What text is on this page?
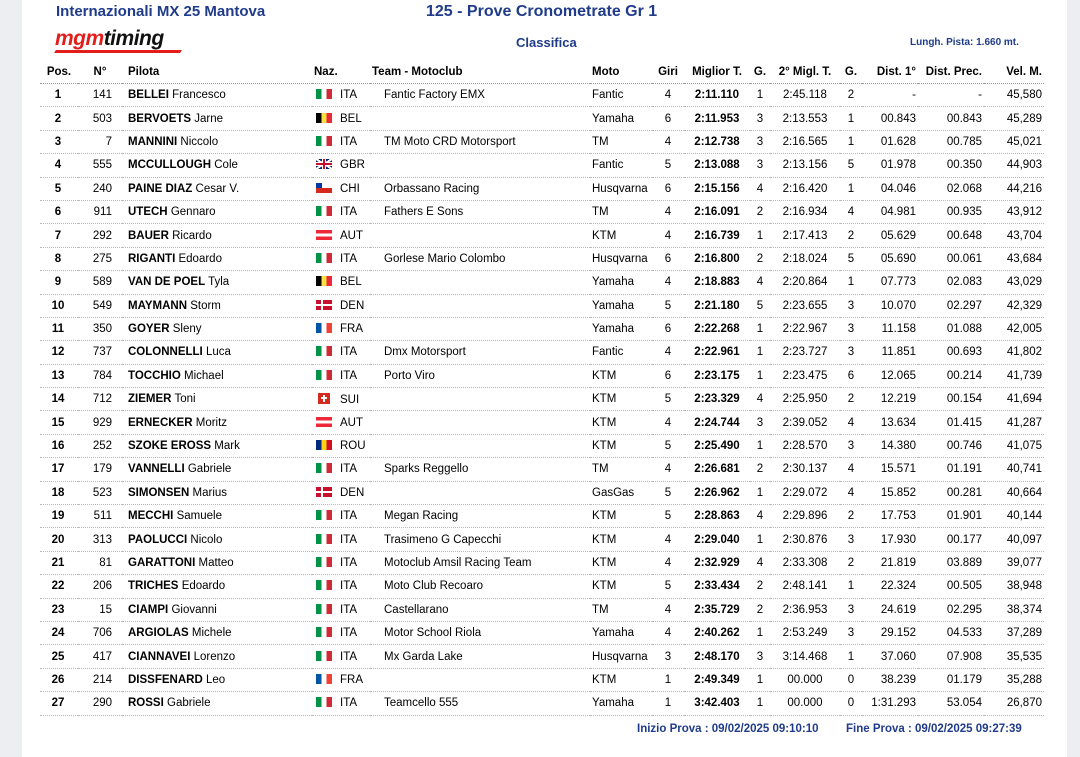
Internazionali MX 25 Mantova	125 - Prove Cronometrate Gr 1
mgmtiming	Classifica	Lungh. Pista: 1.660 mt.
Pos.	N°	Pilota	Naz.	Team - Motoclub	Moto	Giri	Miglior T.	G.	2° Migl. T.	G.	Dist. 1°	Dist. Prec.	Vel. M.
1	141	BELLEI Francesco	ITA	Fantic Factory EMX	Fantic	4	2:11.110	1	2:45.118	2	-	-	45,580
2	503	BERVOETS Jarne	BEL		Yamaha	6	2:11.953	3	2:13.553	1	00.843	00.843	45,289
3	7	MANNINI Niccolo	ITA	TM Moto CRD Motorsport	TM	4	2:12.738	3	2:16.565	1	01.628	00.785	45,021
4	555	MCCULLOUGH Cole	GBR		Fantic	5	2:13.088	3	2:13.156	5	01.978	00.350	44,903
5	240	PAINE DIAZ Cesar V.	CHI	Orbassano Racing	Husqvarna	6	2:15.156	4	2:16.420	1	04.046	02.068	44,216
6	911	UTECH Gennaro	ITA	Fathers E Sons	TM	4	2:16.091	2	2:16.934	4	04.981	00.935	43,912
7	292	BAUER Ricardo	AUT		KTM	4	2:16.739	1	2:17.413	2	05.629	00.648	43,704
8	275	RIGANTI Edoardo	ITA	Gorlese Mario Colombo	Husqvarna	6	2:16.800	2	2:18.024	5	05.690	00.061	43,684
9	589	VAN DE POEL Tyla	BEL		Yamaha	4	2:18.883	4	2:20.864	1	07.773	02.083	43,029
10	549	MAYMANN Storm	DEN		Yamaha	5	2:21.180	5	2:23.655	3	10.070	02.297	42,329
11	350	GOYER Sleny	FRA		Yamaha	6	2:22.268	1	2:22.967	3	11.158	01.088	42,005
12	737	COLONNELLI Luca	ITA	Dmx Motorsport	Fantic	4	2:22.961	1	2:23.727	3	11.851	00.693	41,802
13	784	TOCCHIO Michael	ITA	Porto Viro	KTM	6	2:23.175	1	2:23.475	6	12.065	00.214	41,739
14	712	ZIEMER Toni	SUI		KTM	5	2:23.329	4	2:25.950	2	12.219	00.154	41,694
15	929	ERNECKER Moritz	AUT		KTM	4	2:24.744	3	2:39.052	4	13.634	01.415	41,287
16	252	SZOKE EROSS Mark	ROU		KTM	5	2:25.490	1	2:28.570	3	14.380	00.746	41,075
17	179	VANNELLI Gabriele	ITA	Sparks Reggello	TM	4	2:26.681	2	2:30.137	4	15.571	01.191	40,741
18	523	SIMONSEN Marius	DEN		GasGas	5	2:26.962	1	2:29.072	4	15.852	00.281	40,664
19	511	MECCHI Samuele	ITA	Megan Racing	KTM	5	2:28.863	4	2:29.896	2	17.753	01.901	40,144
20	313	PAOLUCCI Nicolo	ITA	Trasimeno G Capecchi	KTM	4	2:29.040	1	2:30.876	3	17.930	00.177	40,097
21	81	GARATTONI Matteo	ITA	Motoclub Amsil Racing Team	KTM	4	2:32.929	4	2:33.308	2	21.819	03.889	39,077
22	206	TRICHES Edoardo	ITA	Moto Club Recoaro	KTM	5	2:33.434	2	2:48.141	1	22.324	00.505	38,948
23	15	CIAMPI Giovanni	ITA	Castellarano	TM	4	2:35.729	2	2:36.953	3	24.619	02.295	38,374
24	706	ARGIOLAS Michele	ITA	Motor School Riola	Yamaha	4	2:40.262	1	2:53.249	3	29.152	04.533	37,289
25	417	CIANNAVEI Lorenzo	ITA	Mx Garda Lake	Husqvarna	3	2:48.170	3	3:14.468	1	37.060	07.908	35,535
26	214	DISSFENARD Leo	FRA		KTM	1	2:49.349	1	00.000	0	38.239	01.179	35,288
27	290	ROSSI Gabriele	ITA	Teamcello 555	Yamaha	1	3:42.403	1	00.000	0	1:31.293	53.054	26,870
Inizio Prova : 09/02/2025 09:10:10 Fine Prova : 09/02/2025 09:27:39
